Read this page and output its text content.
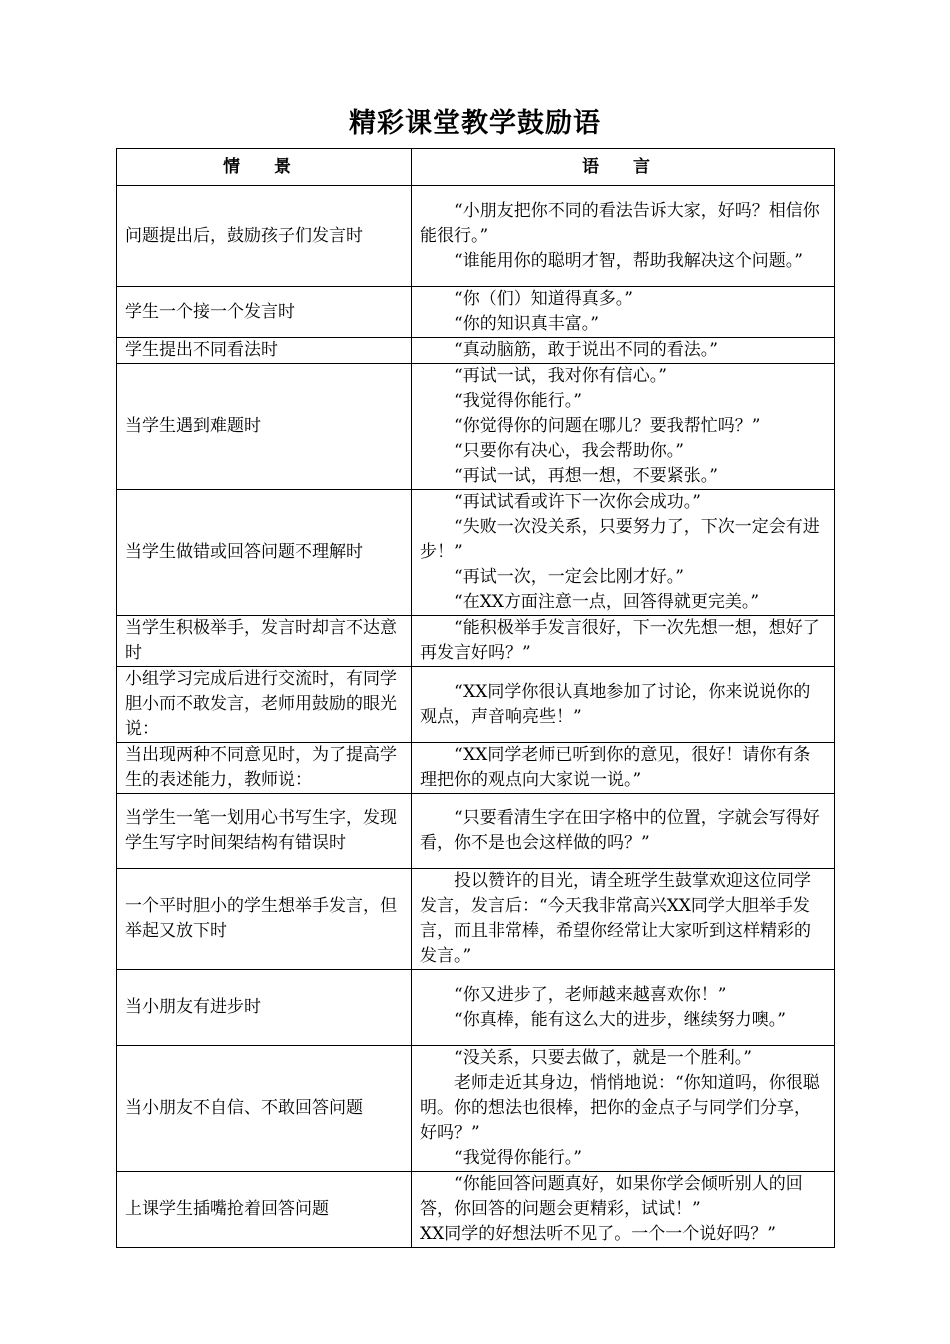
精彩课堂教学鼓励语
情 景	语 言
问题提出后，鼓励孩子们发言时	“小朋友把你不同的看法告诉大家，好吗？相信你能很行。”
“谁能用你的聪明才智，帮助我解决这个问题。”

学生一个接一个发言时	“你（们）知道得真多。”
“你的知识真丰富。”

学生提出不同看法时	“真动脑筋，敢于说出不同的看法。”

当学生遇到难题时	“再试一试，我对你有信心。”
“我觉得你能行。”
“你觉得你的问题在哪儿？要我帮忙吗？”
“只要你有决心，我会帮助你。”
“再试一试，再想一想，不要紧张。”

当学生做错或回答问题不理解时	“再试试看或许下一次你会成功。”
“失败一次没关系，只要努力了，下次一定会有进步！”
“再试一次，一定会比刚才好。”
“在XX方面注意一点，回答得就更完美。”

当学生积极举手，发言时却言不达意时	“能积极举手发言很好，下一次先想一想，想好了再发言好吗？”

小组学习完成后进行交流时，有同学胆小而不敢发言，老师用鼓励的眼光说：	“XX同学你很认真地参加了讨论，你来说说你的观点，声音响亮些！”

当出现两种不同意见时，为了提高学生的表述能力，教师说：	“XX同学老师已听到你的意见，很好！请你有条理把你的观点向大家说一说。”

当学生一笔一划用心书写生字，发现学生写字时间架结构有错误时	“只要看清生字在田字格中的位置，字就会写得好看，你不是也会这样做的吗？”

一个平时胆小的学生想举手发言，但举起又放下时	投以赞许的目光，请全班学生鼓掌欢迎这位同学发言，发言后：“今天我非常高兴XX同学大胆举手发言，而且非常棒，希望你经常让大家听到这样精彩的发言。”

当小朋友有进步时	“你又进步了，老师越来越喜欢你！”
“你真棒，能有这么大的进步，继续努力噢。”

当小朋友不自信、不敢回答问题	“没关系，只要去做了，就是一个胜利。”
老师走近其身边，悄悄地说：“你知道吗，你很聪明。你的想法也很棒，把你的金点子与同学们分享，好吗？”
“我觉得你能行。”

上课学生插嘴抢着回答问题	“你能回答问题真好，如果你学会倾听别人的回答，你回答的问题会更精彩，试试！”
XX同学的好想法听不见了。一个一个说好吗？”
